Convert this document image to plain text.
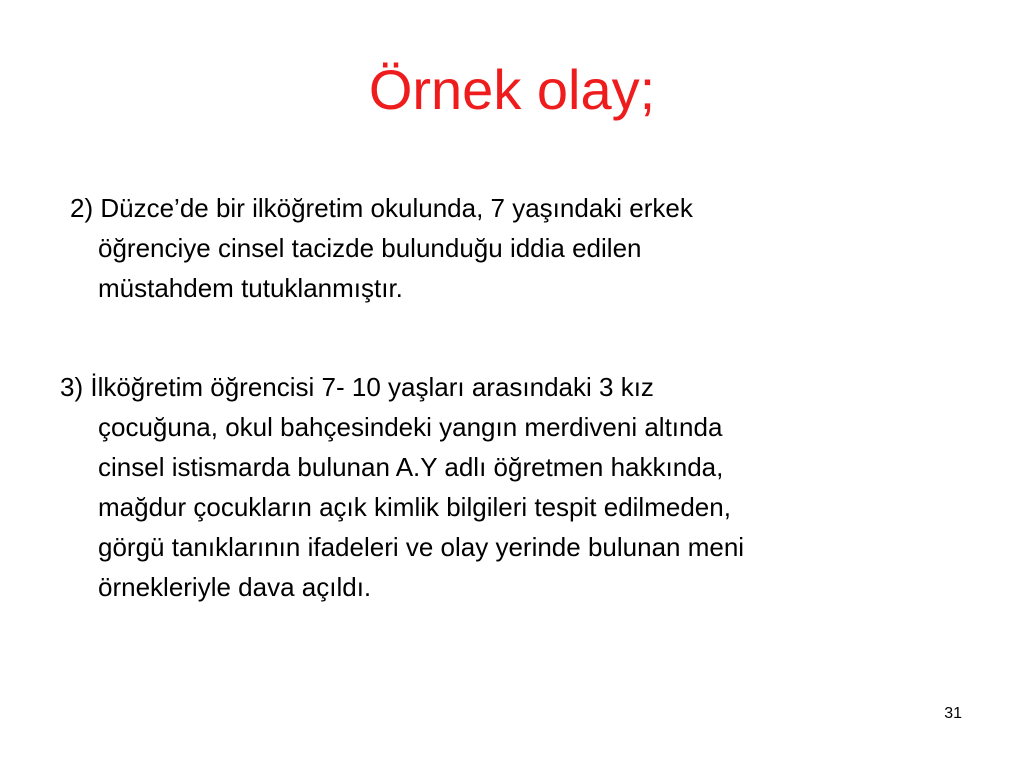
Örnek olay;

2) Düzce’de bir ilköğretim okulunda, 7 yaşındaki erkek
öğrenciye cinsel tacizde bulunduğu iddia edilen
müstahdem tutuklanmıştır.

3) İlköğretim öğrencisi 7- 10 yaşları arasındaki 3 kız
çocuğuna, okul bahçesindeki yangın merdiveni altında
cinsel istismarda bulunan A.Y adlı öğretmen hakkında,
mağdur çocukların açık kimlik bilgileri tespit edilmeden,
görgü tanıklarının ifadeleri ve olay yerinde bulunan meni
örnekleriyle dava açıldı.

31
